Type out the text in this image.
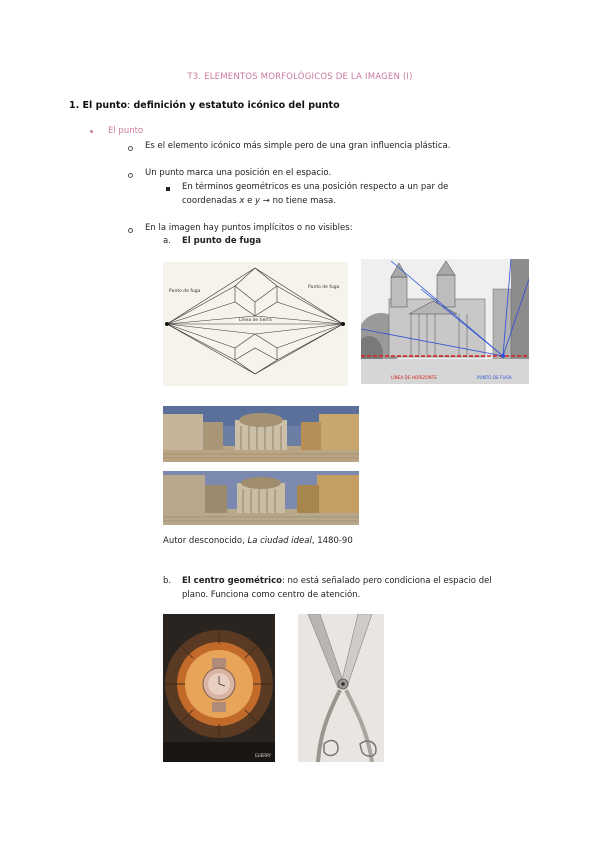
T3. ELEMENTOS MORFOLÓGICOS DE LA IMAGEN (I)
1. El punto: definición y estatuto icónico del punto
El punto
Es el elemento icónico más simple pero de una gran influencia plástica.
Un punto marca una posición en el espacio.
En términos geométricos es una posición respecto a un par de
coordenadas x e y → no tiene masa.
En la imagen hay puntos implícitos o no visibles:
a. El punto de fuga
Punto de fuga
Punto de fuga
Línea de tierra
LÍNEA DE HORIZONTE	PUNTO DE FUGA
Autor desconocido, La ciudad ideal, 1480-90
b. El centro geométrico: no está señalado pero condiciona el espacio del
plano. Funciona como centro de atención.
GUERRY
